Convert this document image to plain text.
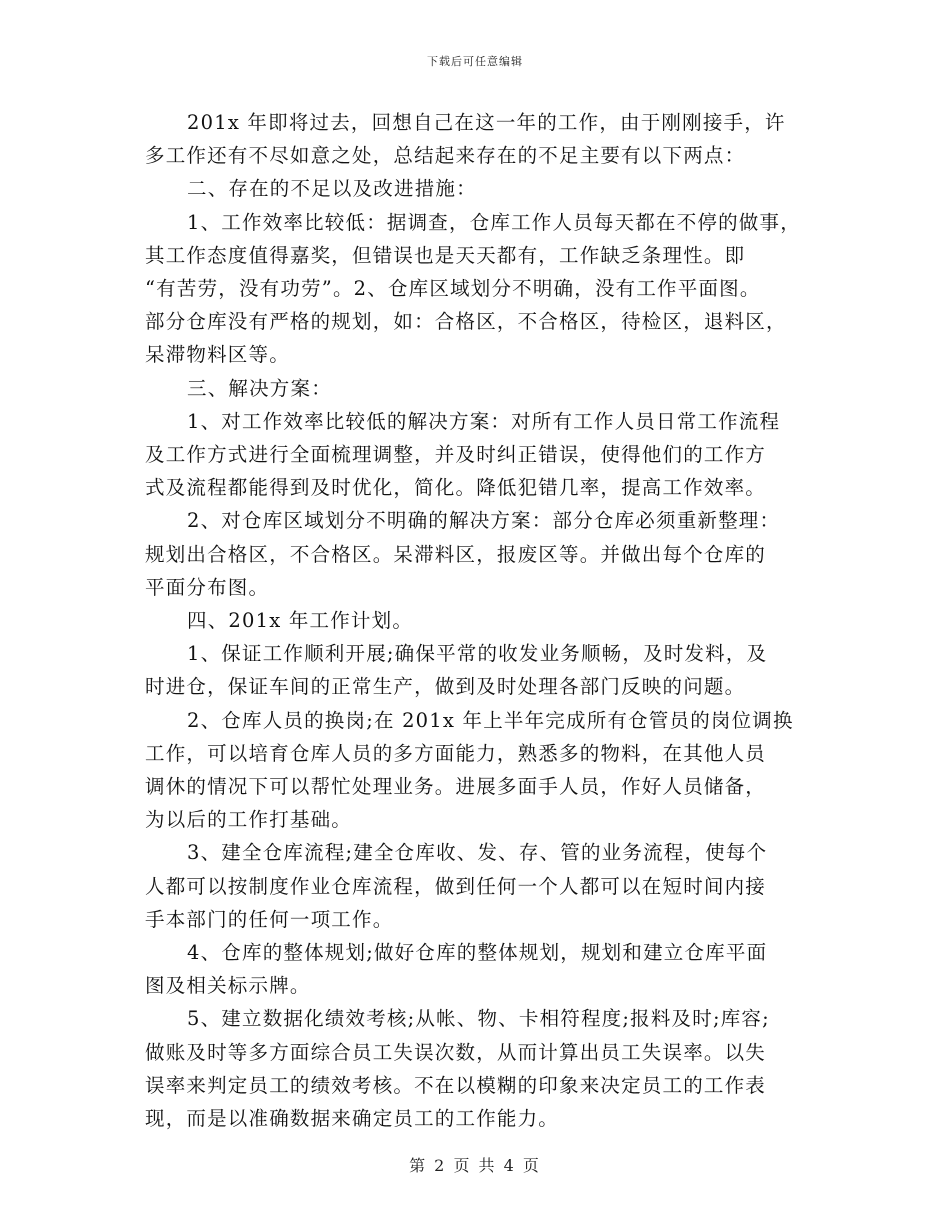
下载后可任意编辑
201x 年即将过去，回想自己在这一年的工作，由于刚刚接手，许
多工作还有不尽如意之处，总结起来存在的不足主要有以下两点：
二、存在的不足以及改进措施：
1、工作效率比较低：据调查，仓库工作人员每天都在不停的做事，
其工作态度值得嘉奖，但错误也是天天都有，工作缺乏条理性。即
“有苦劳，没有功劳”。2、仓库区域划分不明确，没有工作平面图。
部分仓库没有严格的规划，如：合格区，不合格区，待检区，退料区，
呆滞物料区等。
三、解决方案：
1、对工作效率比较低的解决方案：对所有工作人员日常工作流程
及工作方式进行全面梳理调整，并及时纠正错误，使得他们的工作方
式及流程都能得到及时优化，简化。降低犯错几率，提高工作效率。
2、对仓库区域划分不明确的解决方案：部分仓库必须重新整理：
规划出合格区，不合格区。呆滞料区，报废区等。并做出每个仓库的
平面分布图。
四、201x 年工作计划。
1、保证工作顺利开展;确保平常的收发业务顺畅，及时发料，及
时进仓，保证车间的正常生产，做到及时处理各部门反映的问题。
2、仓库人员的换岗;在 201x 年上半年完成所有仓管员的岗位调换
工作，可以培育仓库人员的多方面能力，熟悉多的物料，在其他人员
调休的情况下可以帮忙处理业务。进展多面手人员，作好人员储备，
为以后的工作打基础。
3、建全仓库流程;建全仓库收、发、存、管的业务流程，使每个
人都可以按制度作业仓库流程，做到任何一个人都可以在短时间内接
手本部门的任何一项工作。
4、仓库的整体规划;做好仓库的整体规划，规划和建立仓库平面
图及相关标示牌。
5、建立数据化绩效考核;从帐、物、卡相符程度;报料及时;库容;
做账及时等多方面综合员工失误次数，从而计算出员工失误率。以失
误率来判定员工的绩效考核。不在以模糊的印象来决定员工的工作表
现，而是以准确数据来确定员工的工作能力。
第 2 页 共 4 页
